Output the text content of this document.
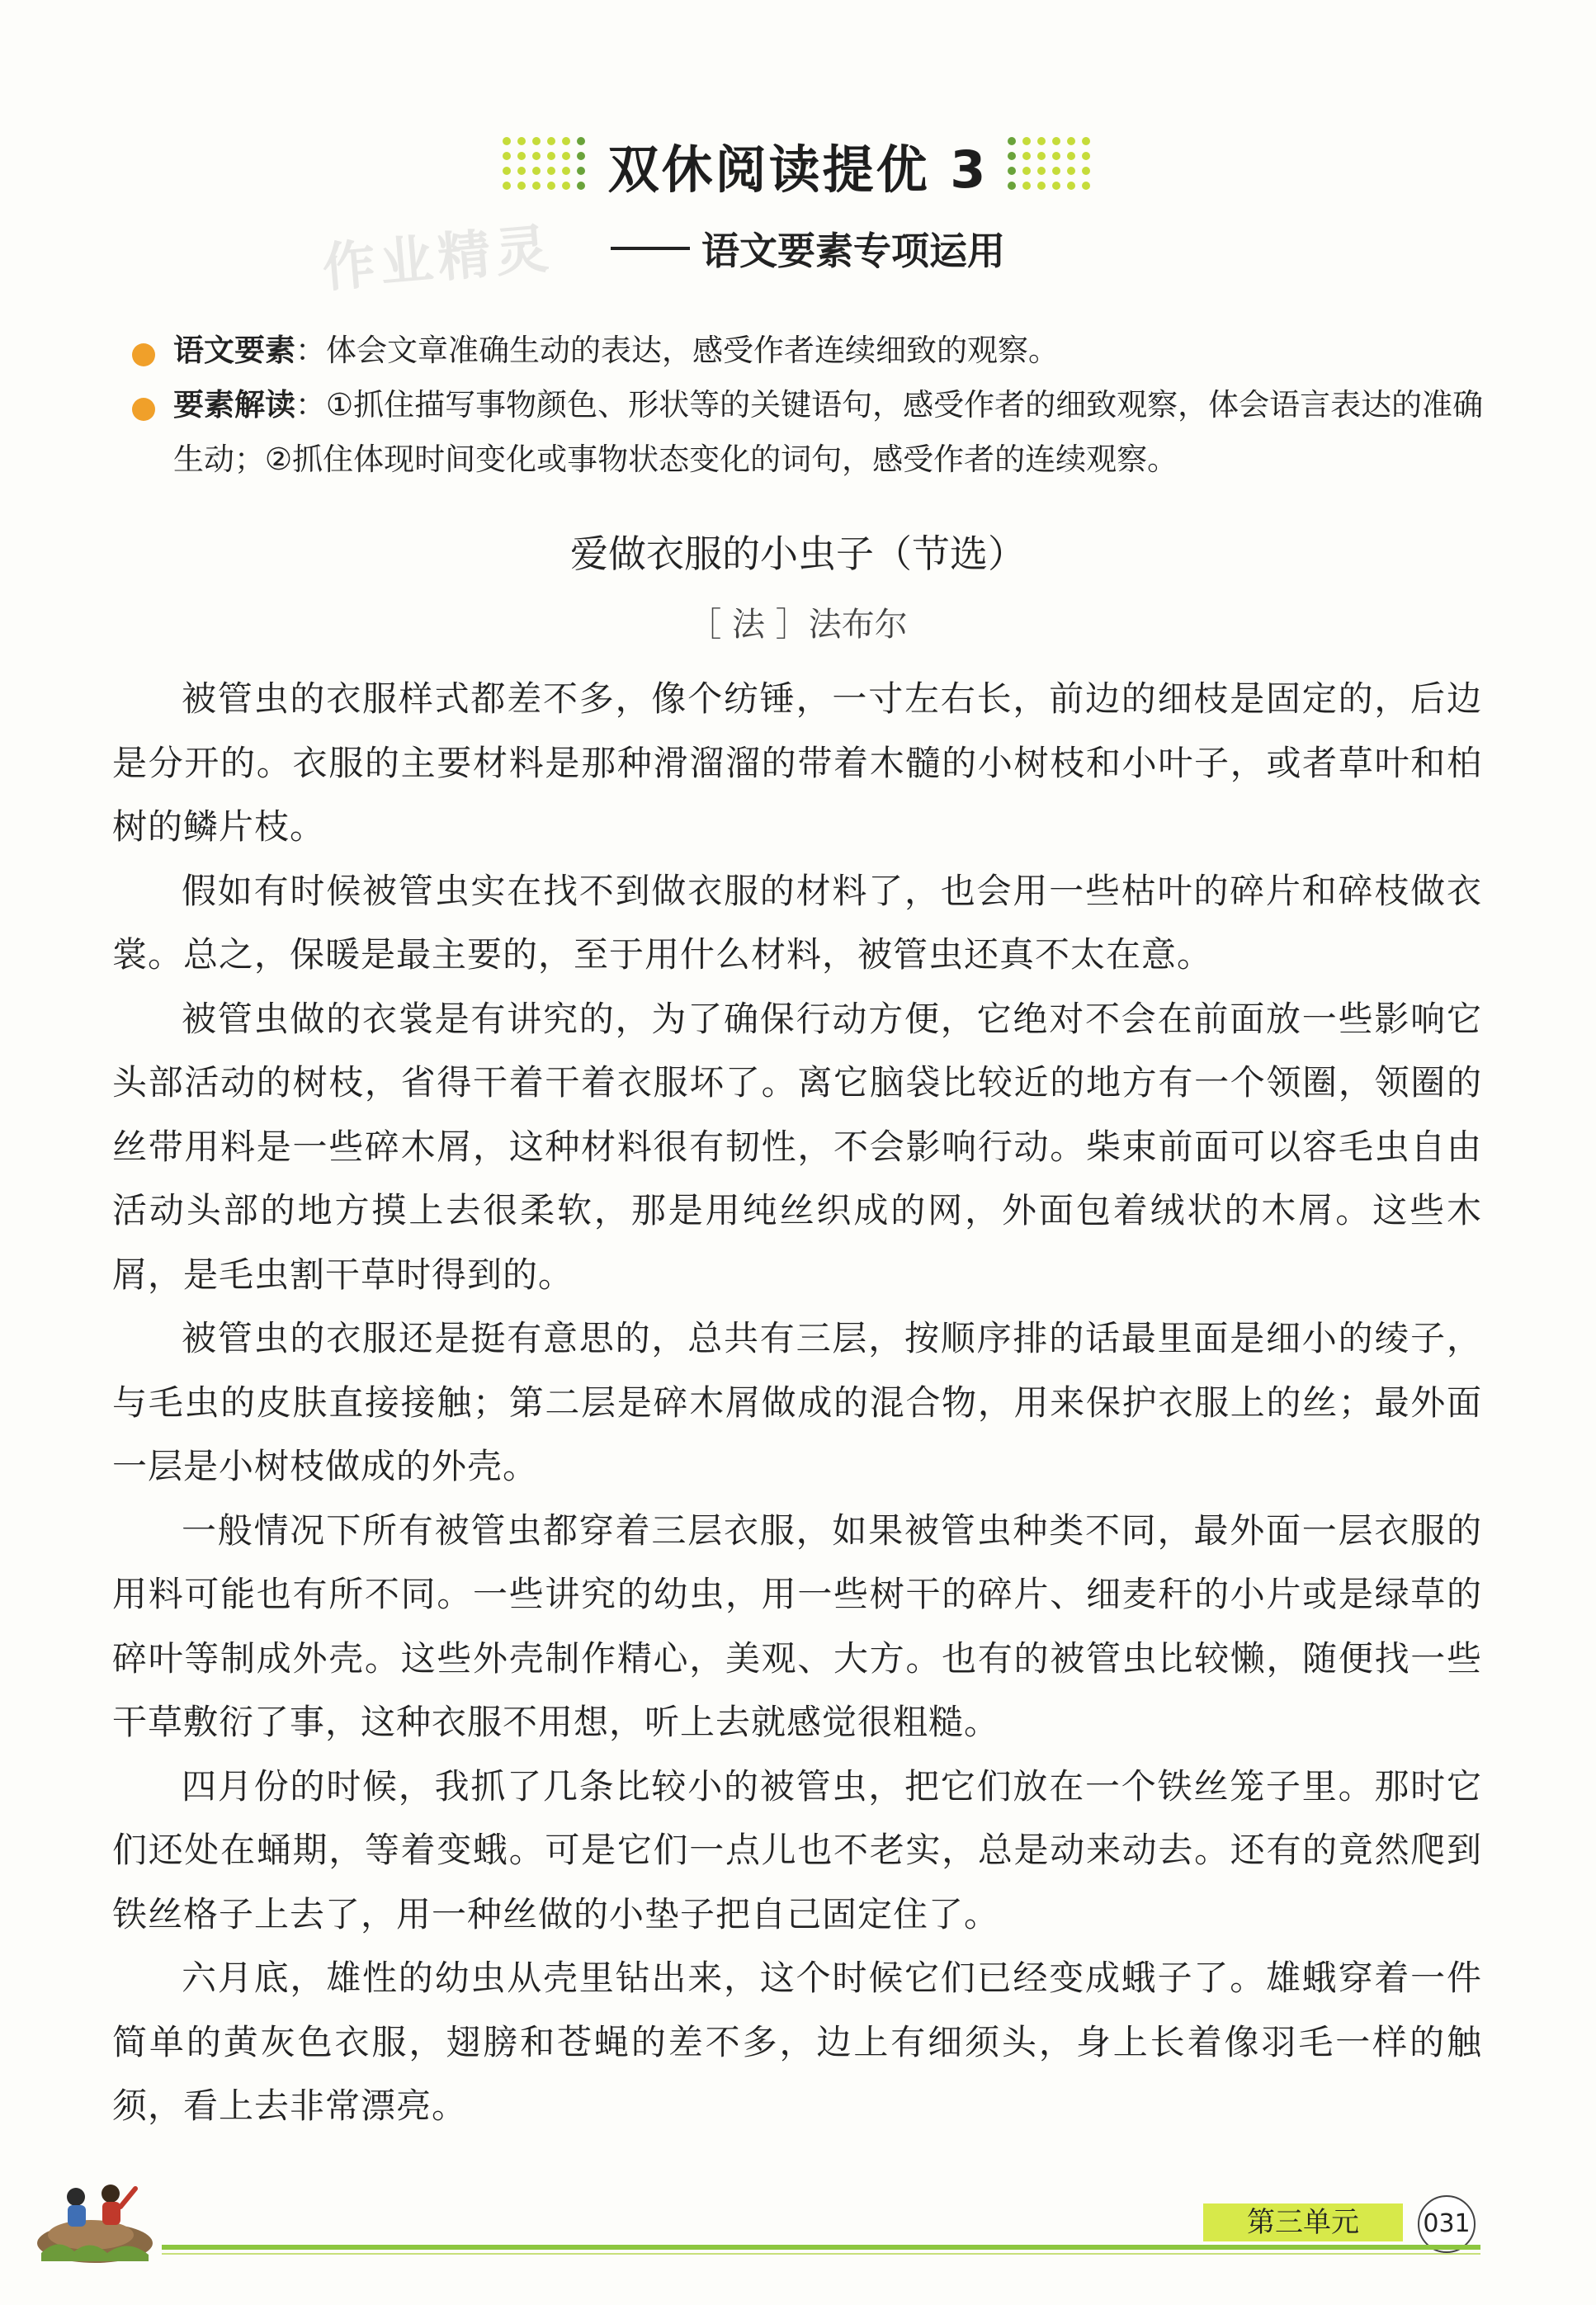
双休阅读提优 3
作业精灵	语文要素专项运用
语文要素：体会文章准确生动的表达，感受作者连续细致的观察。
要素解读：①抓住描写事物颜色、形状等的关键语句，感受作者的细致观察，体会语言表达的准确生动；②抓住体现时间变化或事物状态变化的词句，感受作者的连续观察。
爱做衣服的小虫子（节选）
［ 法 ］法布尔

被管虫的衣服样式都差不多，像个纺锤，一寸左右长，前边的细枝是固定的，后边是分开的。衣服的主要材料是那种滑溜溜的带着木髓的小树枝和小叶子，或者草叶和柏树的鳞片枝。

假如有时候被管虫实在找不到做衣服的材料了，也会用一些枯叶的碎片和碎枝做衣裳。总之，保暖是最主要的，至于用什么材料，被管虫还真不太在意。

被管虫做的衣裳是有讲究的，为了确保行动方便，它绝对不会在前面放一些影响它头部活动的树枝，省得干着干着衣服坏了。离它脑袋比较近的地方有一个领圈，领圈的丝带用料是一些碎木屑，这种材料很有韧性，不会影响行动。柴束前面可以容毛虫自由活动头部的地方摸上去很柔软，那是用纯丝织成的网，外面包着绒状的木屑。这些木屑，是毛虫割干草时得到的。

被管虫的衣服还是挺有意思的，总共有三层，按顺序排的话最里面是细小的绫子，与毛虫的皮肤直接接触；第二层是碎木屑做成的混合物，用来保护衣服上的丝；最外面一层是小树枝做成的外壳。

一般情况下所有被管虫都穿着三层衣服，如果被管虫种类不同，最外面一层衣服的用料可能也有所不同。一些讲究的幼虫，用一些树干的碎片、细麦秆的小片或是绿草的碎叶等制成外壳。这些外壳制作精心，美观、大方。也有的被管虫比较懒，随便找一些干草敷衍了事，这种衣服不用想，听上去就感觉很粗糙。

四月份的时候，我抓了几条比较小的被管虫，把它们放在一个铁丝笼子里。那时它们还处在蛹期，等着变蛾。可是它们一点儿也不老实，总是动来动去。还有的竟然爬到铁丝格子上去了，用一种丝做的小垫子把自己固定住了。

六月底，雄性的幼虫从壳里钻出来，这个时候它们已经变成蛾子了。雄蛾穿着一件简单的黄灰色衣服，翅膀和苍蝇的差不多，边上有细须头，身上长着像羽毛一样的触须，看上去非常漂亮。

第三单元	031
